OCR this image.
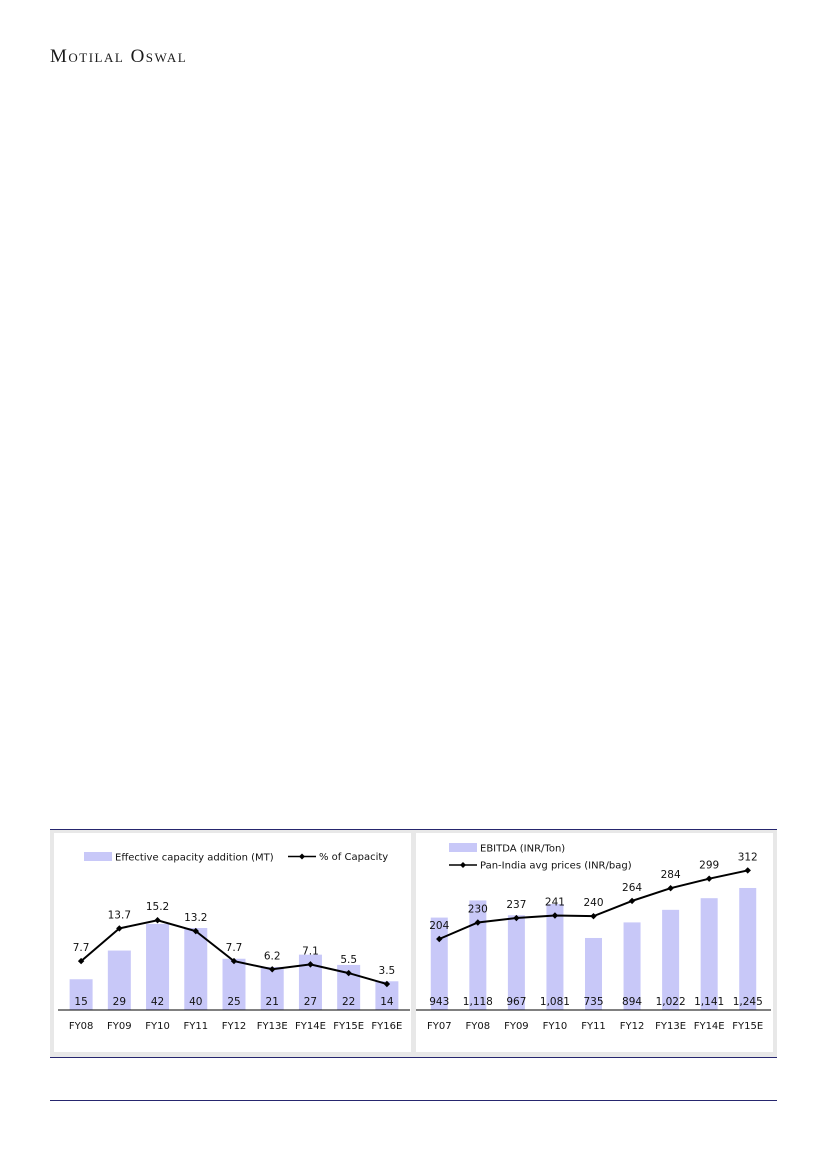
Motilal Oswal
15 29 42 40 25 21 27 22 14
7.7
13.7
15.2
13.2
7.7
6.2 7.1
5.5
3.5
FY08 FY09 FY10 FY11 FY12 FY13E FY14E FY15E FY16E
Effective capacity addition (MT)	% of Capacity
943 1,118 967 1,081 735 894 1,022 1,141 1,245
204
230 237 241 240
264
284
299
312
FY07 FY08 FY09 FY10 FY11 FY12 FY13E FY14E FY15E
EBITDA (INR/Ton)
Pan-India avg prices (INR/bag)
